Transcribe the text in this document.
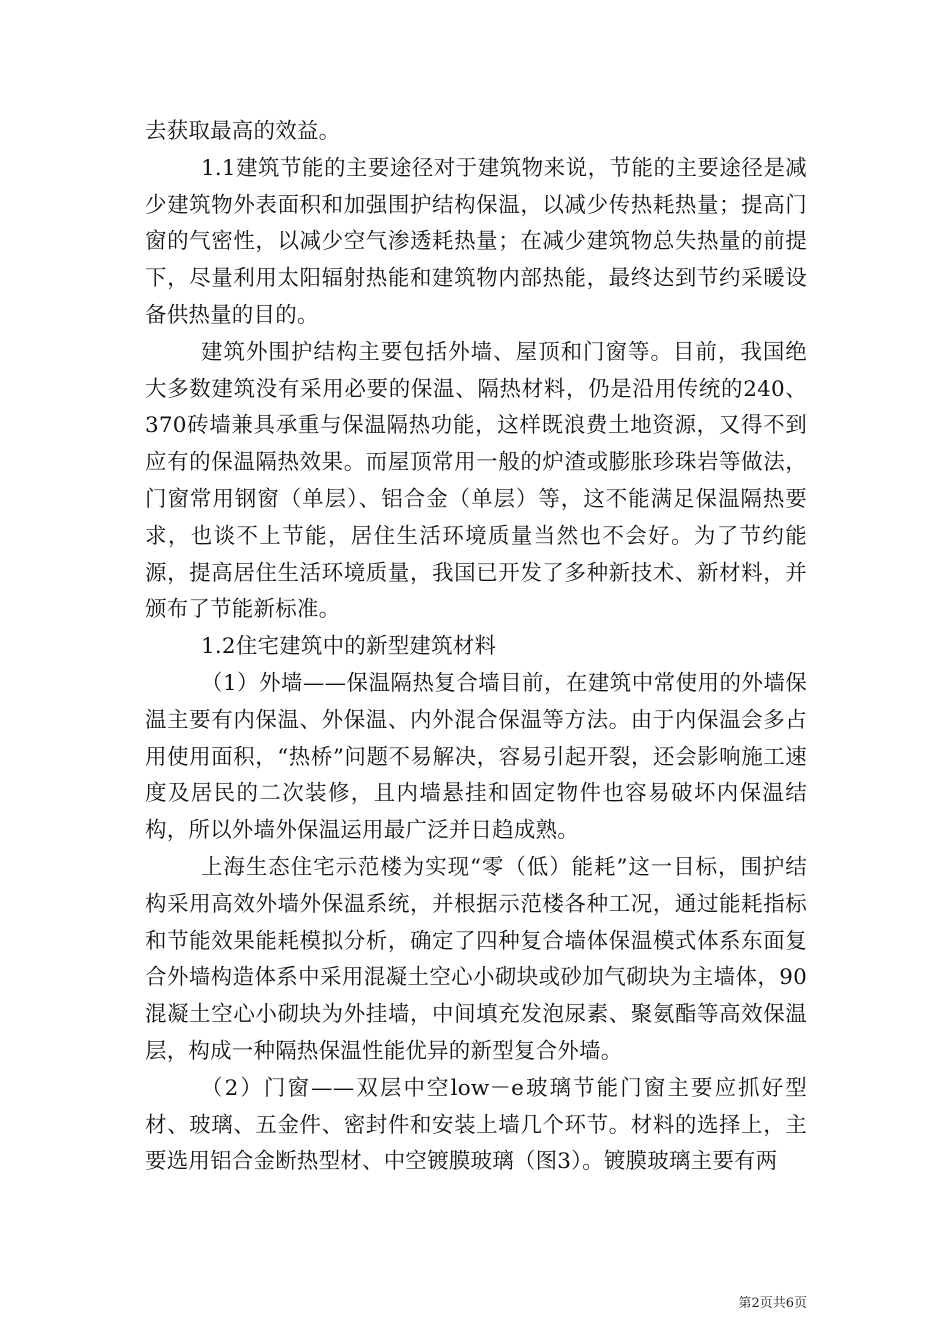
去获取最高的效益。

1.1建筑节能的主要途径对于建筑物来说，节能的主要途径是减少建筑物外表面积和加强围护结构保温，以减少传热耗热量；提高门窗的气密性，以减少空气渗透耗热量；在减少建筑物总失热量的前提下，尽量利用太阳辐射热能和建筑物内部热能，最终达到节约采暖设备供热量的目的。

建筑外围护结构主要包括外墙、屋顶和门窗等。目前，我国绝大多数建筑没有采用必要的保温、隔热材料，仍是沿用传统的240、370砖墙兼具承重与保温隔热功能，这样既浪费土地资源，又得不到应有的保温隔热效果。而屋顶常用一般的炉渣或膨胀珍珠岩等做法，门窗常用钢窗（单层）、铝合金（单层）等，这不能满足保温隔热要求，也谈不上节能，居住生活环境质量当然也不会好。为了节约能源，提高居住生活环境质量，我国已开发了多种新技术、新材料，并颁布了节能新标准。

1.2住宅建筑中的新型建筑材料

（1）外墙——保温隔热复合墙目前，在建筑中常使用的外墙保温主要有内保温、外保温、内外混合保温等方法。由于内保温会多占用使用面积，“热桥”问题不易解决，容易引起开裂，还会影响施工速度及居民的二次装修，且内墙悬挂和固定物件也容易破坏内保温结构，所以外墙外保温运用最广泛并日趋成熟。

上海生态住宅示范楼为实现“零（低）能耗”这一目标，围护结构采用高效外墙外保温系统，并根据示范楼各种工况，通过能耗指标和节能效果能耗模拟分析，确定了四种复合墙体保温模式体系东面复合外墙构造体系中采用混凝土空心小砌块或砂加气砌块为主墙体，90混凝土空心小砌块为外挂墙，中间填充发泡尿素、聚氨酯等高效保温层，构成一种隔热保温性能优异的新型复合外墙。

（2）门窗——双层中空low－e玻璃节能门窗主要应抓好型材、玻璃、五金件、密封件和安装上墙几个环节。材料的选择上，主要选用铝合金断热型材、中空镀膜玻璃（图3）。镀膜玻璃主要有两

第2页共6页
